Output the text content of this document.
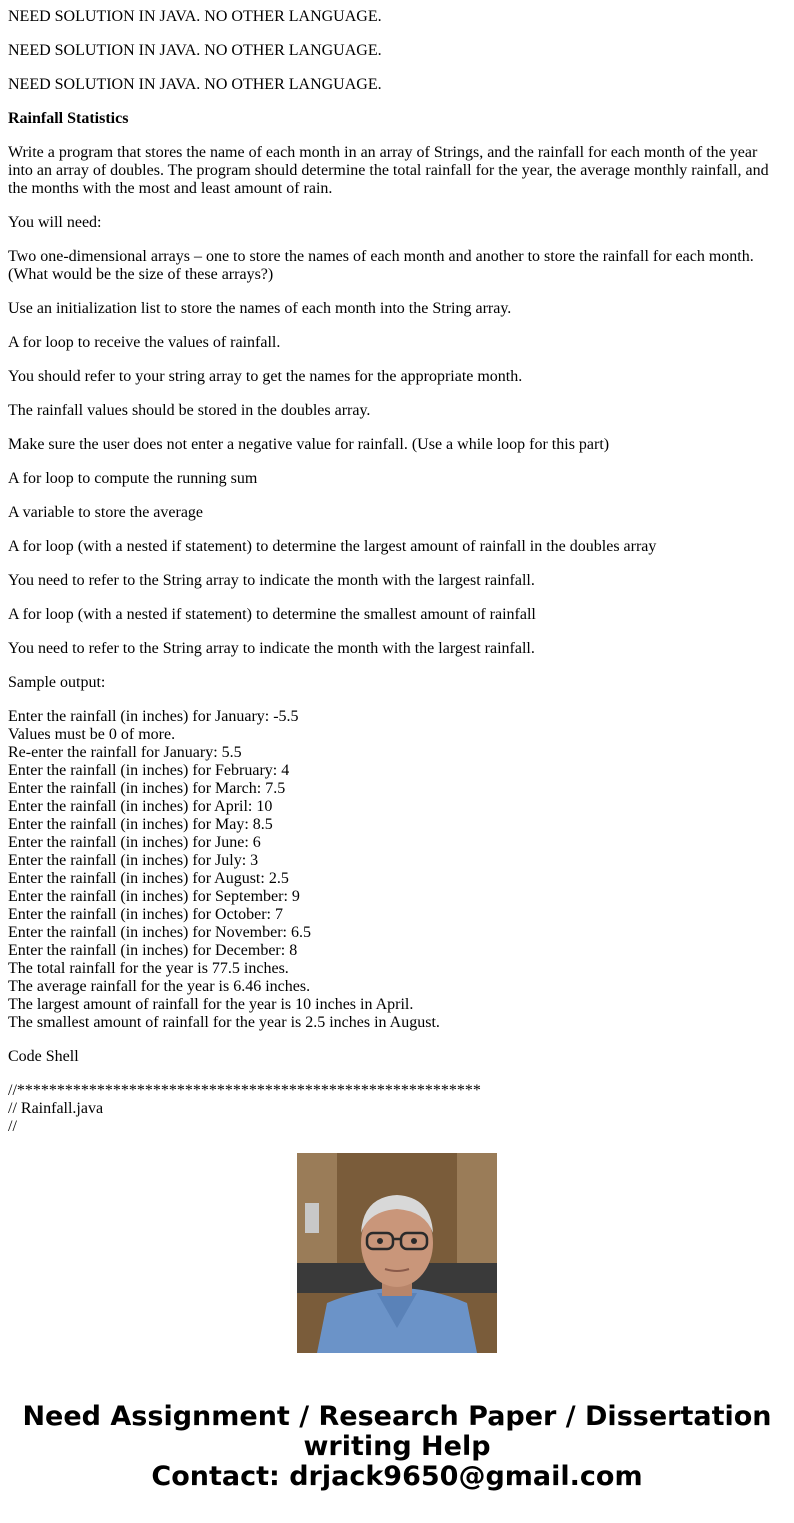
NEED SOLUTION IN JAVA. NO OTHER LANGUAGE.

NEED SOLUTION IN JAVA. NO OTHER LANGUAGE.

NEED SOLUTION IN JAVA. NO OTHER LANGUAGE.

Rainfall Statistics

Write a program that stores the name of each month in an array of Strings, and the rainfall for each month of the year into an array of doubles. The program should determine the total rainfall for the year, the average monthly rainfall, and the months with the most and least amount of rain.

You will need:

Two one-dimensional arrays – one to store the names of each month and another to store the rainfall for each month. (What would be the size of these arrays?)

Use an initialization list to store the names of each month into the String array.

A for loop to receive the values of rainfall.

You should refer to your string array to get the names for the appropriate month.

The rainfall values should be stored in the doubles array.

Make sure the user does not enter a negative value for rainfall. (Use a while loop for this part)

A for loop to compute the running sum

A variable to store the average

A for loop (with a nested if statement) to determine the largest amount of rainfall in the doubles array

You need to refer to the String array to indicate the month with the largest rainfall.

A for loop (with a nested if statement) to determine the smallest amount of rainfall

You need to refer to the String array to indicate the month with the largest rainfall.

Sample output:

Enter the rainfall (in inches) for January: -5.5
Values must be 0 of more.
Re-enter the rainfall for January: 5.5
Enter the rainfall (in inches) for February: 4
Enter the rainfall (in inches) for March: 7.5
Enter the rainfall (in inches) for April: 10
Enter the rainfall (in inches) for May: 8.5
Enter the rainfall (in inches) for June: 6
Enter the rainfall (in inches) for July: 3
Enter the rainfall (in inches) for August: 2.5
Enter the rainfall (in inches) for September: 9
Enter the rainfall (in inches) for October: 7
Enter the rainfall (in inches) for November: 6.5
Enter the rainfall (in inches) for December: 8
The total rainfall for the year is 77.5 inches.
The average rainfall for the year is 6.46 inches.
The largest amount of rainfall for the year is 10 inches in April.
The smallest amount of rainfall for the year is 2.5 inches in August.

Code Shell

//**********************************************************
// Rainfall.java
//

Need Assignment / Research Paper / Dissertation
writing Help
Contact: drjack9650@gmail.com
